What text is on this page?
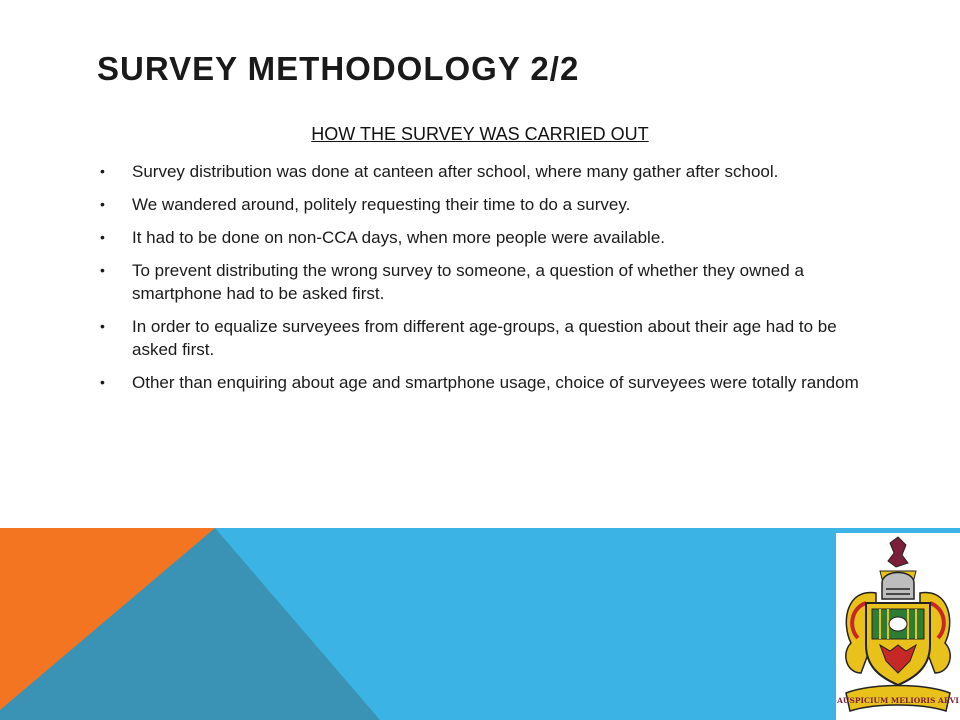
SURVEY METHODOLOGY 2/2
HOW THE SURVEY WAS CARRIED OUT
•	Survey distribution was done at canteen after school, where many gather after school.
•	We wandered around, politely requesting their time to do a survey.
•	It had to be done on non-CCA days, when more people were available.
•	To prevent distributing the wrong survey to someone, a question of whether they owned a smartphone had to be asked first.
•	In order to equalize surveyees from different age-groups, a question about their age had to be asked first.
•	Other than enquiring about age and smartphone usage, choice of surveyees were totally random
AUSPICIUM MELIORIS AEVI
